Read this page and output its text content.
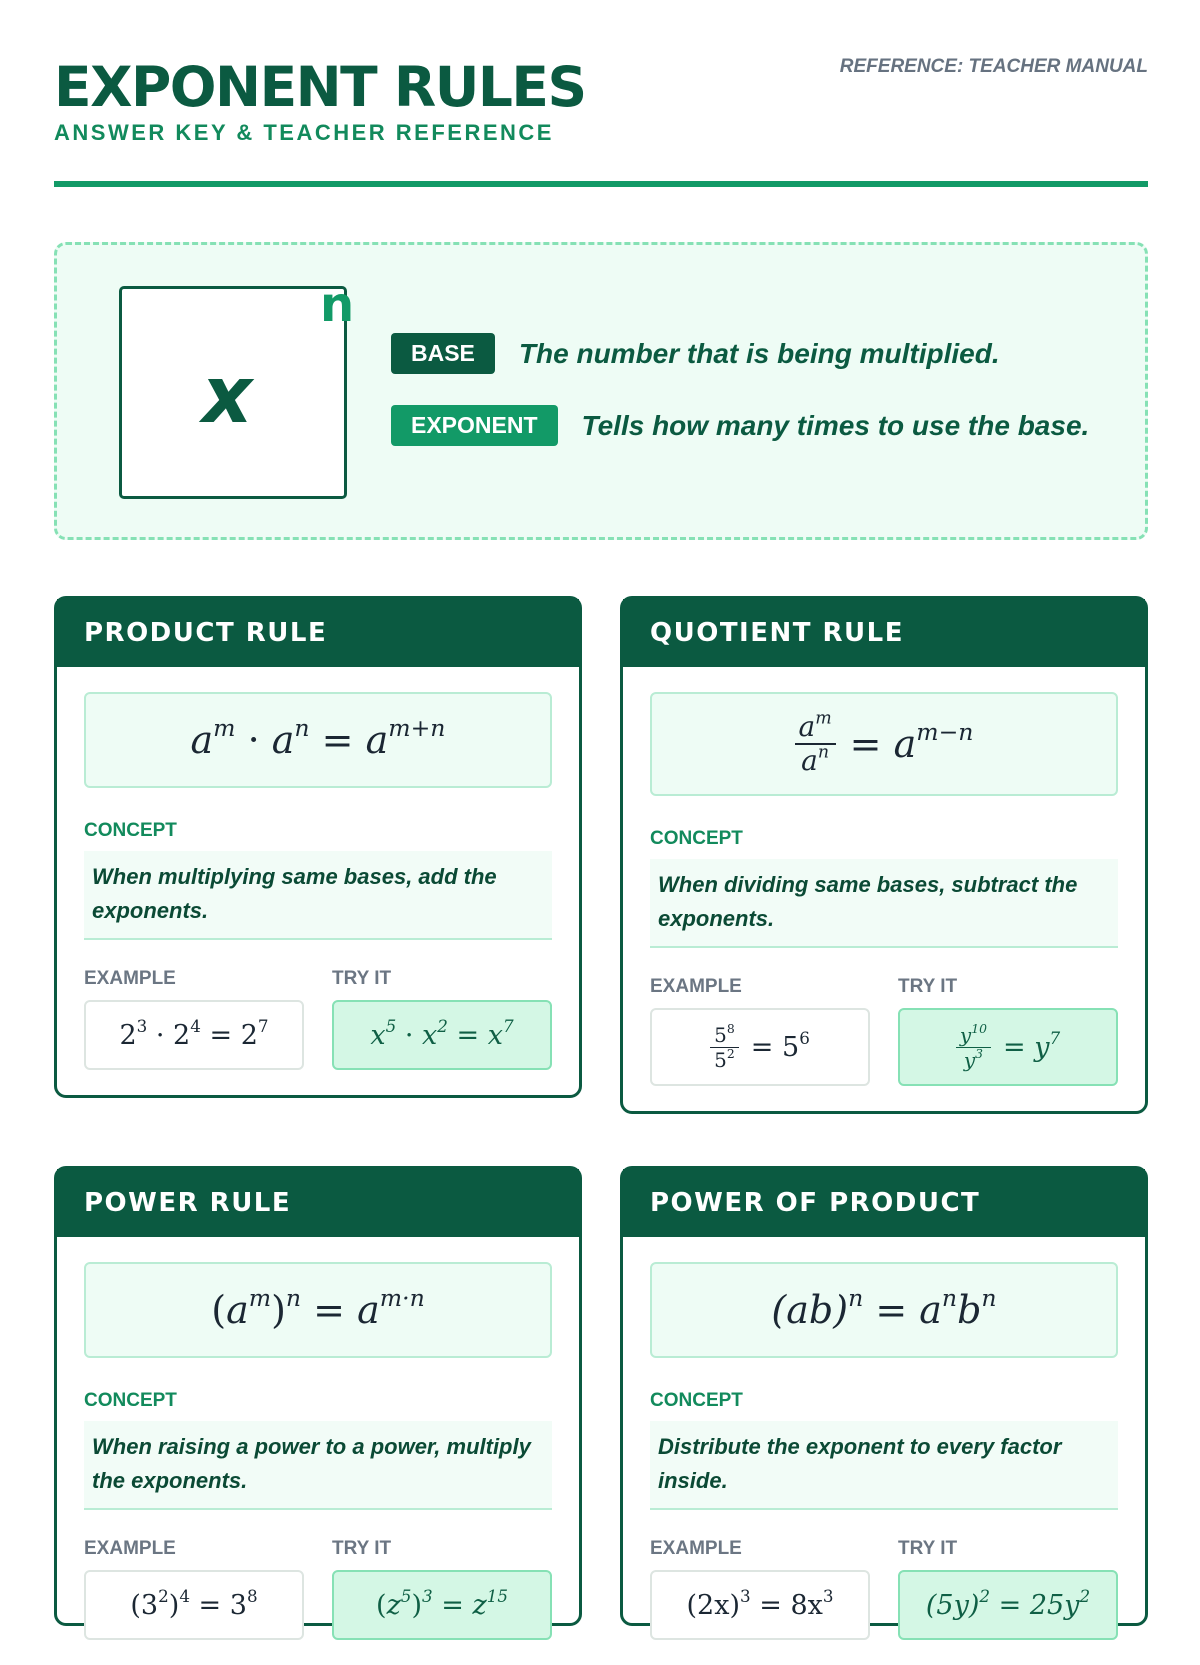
EXPONENT RULES
ANSWER KEY & TEACHER REFERENCE
REFERENCE: TEACHER MANUAL
x
n
BASE	The number that is being multiplied.
EXPONENT	Tells how many times to use the base.
PRODUCT RULE
$a^m \cdot a^n = a^{m+n}$
CONCEPT
When multiplying same bases, add the exponents.
EXAMPLE
$2^3 \cdot 2^4 = 2^7$
TRY IT
$x^5 \cdot x^2 = x^7$
QUOTIENT RULE
$\frac{a^m}{a^n} = a^{m-n}$
CONCEPT
When dividing same bases, subtract the exponents.
EXAMPLE
$\frac{5^8}{5^2} = 5^6$
TRY IT
$\frac{y^{10}}{y^3} = y^7$
POWER RULE
$(a^m)^n = a^{m\cdot n}$
CONCEPT
When raising a power to a power, multiply the exponents.
EXAMPLE
$(3^2)^4 = 3^8$
TRY IT
$(z^5)^3 = z^{15}$
POWER OF PRODUCT
$(ab)^n = a^nb^n$
CONCEPT
Distribute the exponent to every factor inside.
EXAMPLE
$(2x)^3 = 8x^3$
TRY IT
$(5y)^2 = 25y^2$
